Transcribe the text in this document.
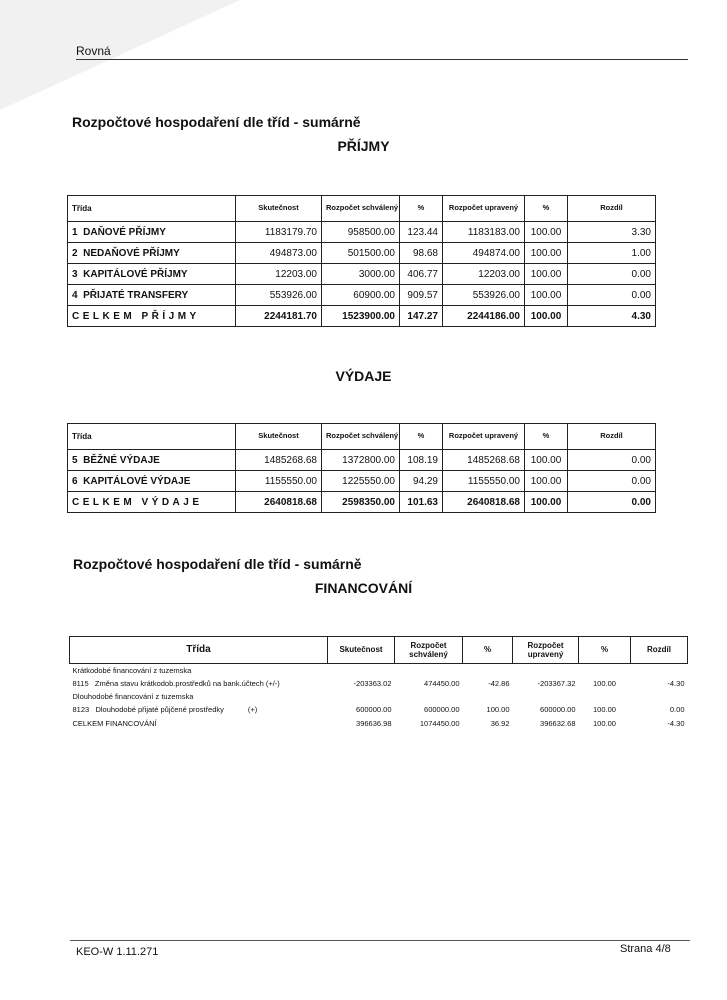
Rovná
Rozpočtové hospodaření dle tříd - sumárně
PŘÍJMY
Třída	Skutečnost	Rozpočet schválený	%	Rozpočet upravený	%	Rozdíl
1 DAŇOVÉ PŘÍJMY	1183179.70	958500.00	123.44	1183183.00	100.00	3.30
2 NEDAŇOVÉ PŘÍJMY	494873.00	501500.00	98.68	494874.00	100.00	1.00
3 KAPITÁLOVÉ PŘÍJMY	12203.00	3000.00	406.77	12203.00	100.00	0.00
4 PŘIJATÉ TRANSFERY	553926.00	60900.00	909.57	553926.00	100.00	0.00
CELKEM PŘÍJMY	2244181.70	1523900.00	147.27	2244186.00	100.00	4.30
VÝDAJE
Třída	Skutečnost	Rozpočet schválený	%	Rozpočet upravený	%	Rozdíl
5 BĚŽNÉ VÝDAJE	1485268.68	1372800.00	108.19	1485268.68	100.00	0.00
6 KAPITÁLOVÉ VÝDAJE	1155550.00	1225550.00	94.29	1155550.00	100.00	0.00
CELKEM VÝDAJE	2640818.68	2598350.00	101.63	2640818.68	100.00	0.00
Rozpočtové hospodaření dle tříd - sumárně
FINANCOVÁNÍ
Třída	Skutečnost	Rozpočet schválený	%	Rozpočet upravený	%	Rozdíl
Krátkodobé financování z tuzemska						
8115 Změna stavu krátkodob.prostředků na bank.účtech (+/-)	-203363.02	474450.00	-42.86	-203367.32	100.00	-4.30
Dlouhodobé financování z tuzemska						
8123 Dlouhodobé přijaté půjčené prostředky (+)	600000.00	600000.00	100.00	600000.00	100.00	0.00
CELKEM FINANCOVÁNÍ	396636.98	1074450.00	36.92	396632.68	100.00	-4.30
KEO-W 1.11.271	Strana 4/8
